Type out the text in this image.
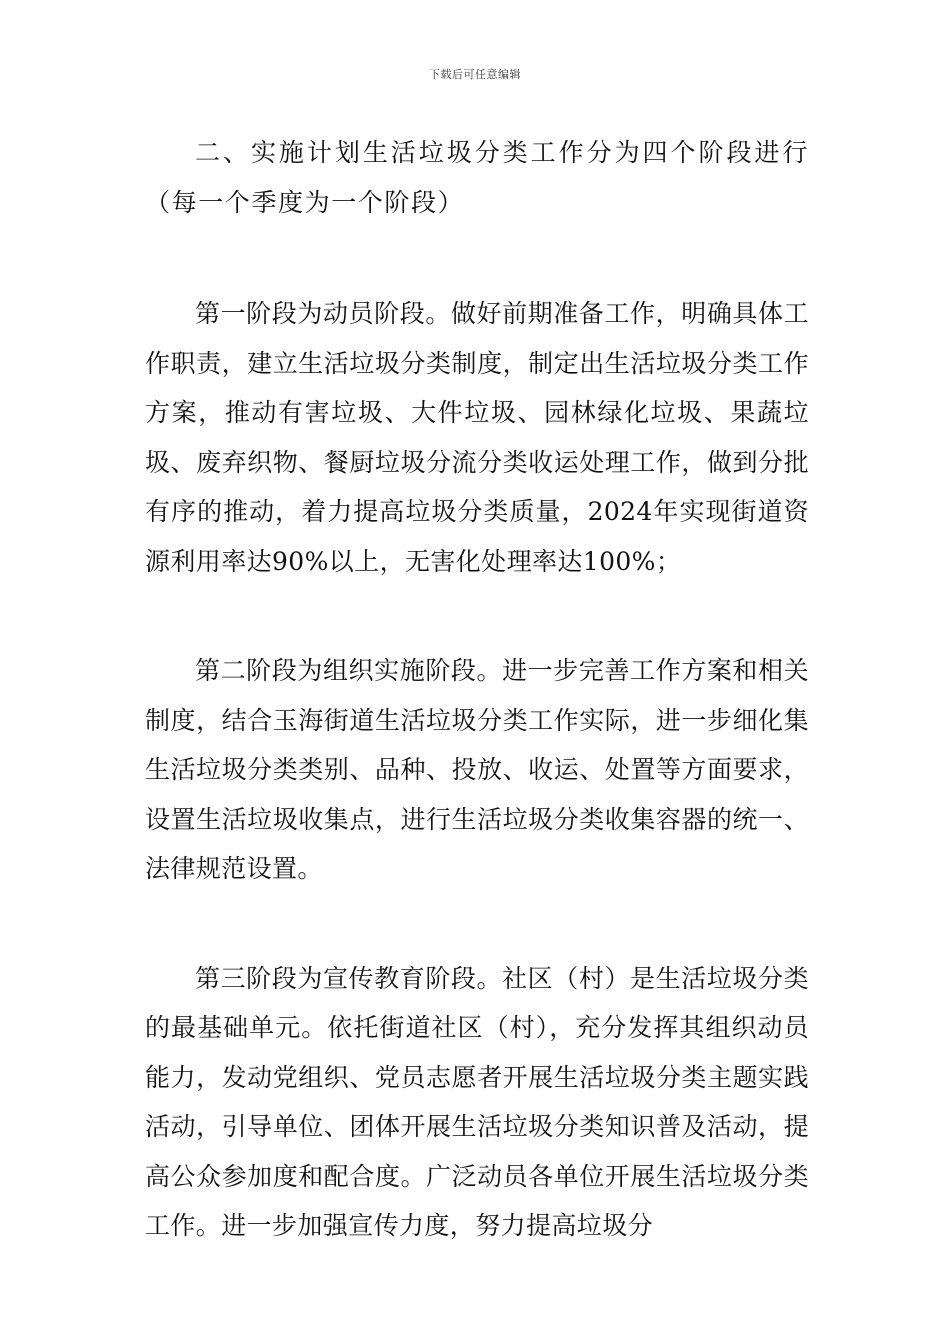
下载后可任意编辑

二、实施计划生活垃圾分类工作分为四个阶段进行（每一个季度为一个阶段）

第一阶段为动员阶段。做好前期准备工作，明确具体工作职责，建立生活垃圾分类制度，制定出生活垃圾分类工作方案，推动有害垃圾、大件垃圾、园林绿化垃圾、果蔬垃圾、废弃织物、餐厨垃圾分流分类收运处理工作，做到分批有序的推动，着力提高垃圾分类质量，2024年实现街道资源利用率达90%以上，无害化处理率达100%；

第二阶段为组织实施阶段。进一步完善工作方案和相关制度，结合玉海街道生活垃圾分类工作实际，进一步细化集生活垃圾分类类别、品种、投放、收运、处置等方面要求，设置生活垃圾收集点，进行生活垃圾分类收集容器的统一、法律规范设置。

第三阶段为宣传教育阶段。社区（村）是生活垃圾分类的最基础单元。依托街道社区（村），充分发挥其组织动员能力，发动党组织、党员志愿者开展生活垃圾分类主题实践活动，引导单位、团体开展生活垃圾分类知识普及活动，提高公众参加度和配合度。广泛动员各单位开展生活垃圾分类工作。进一步加强宣传力度，努力提高垃圾分
